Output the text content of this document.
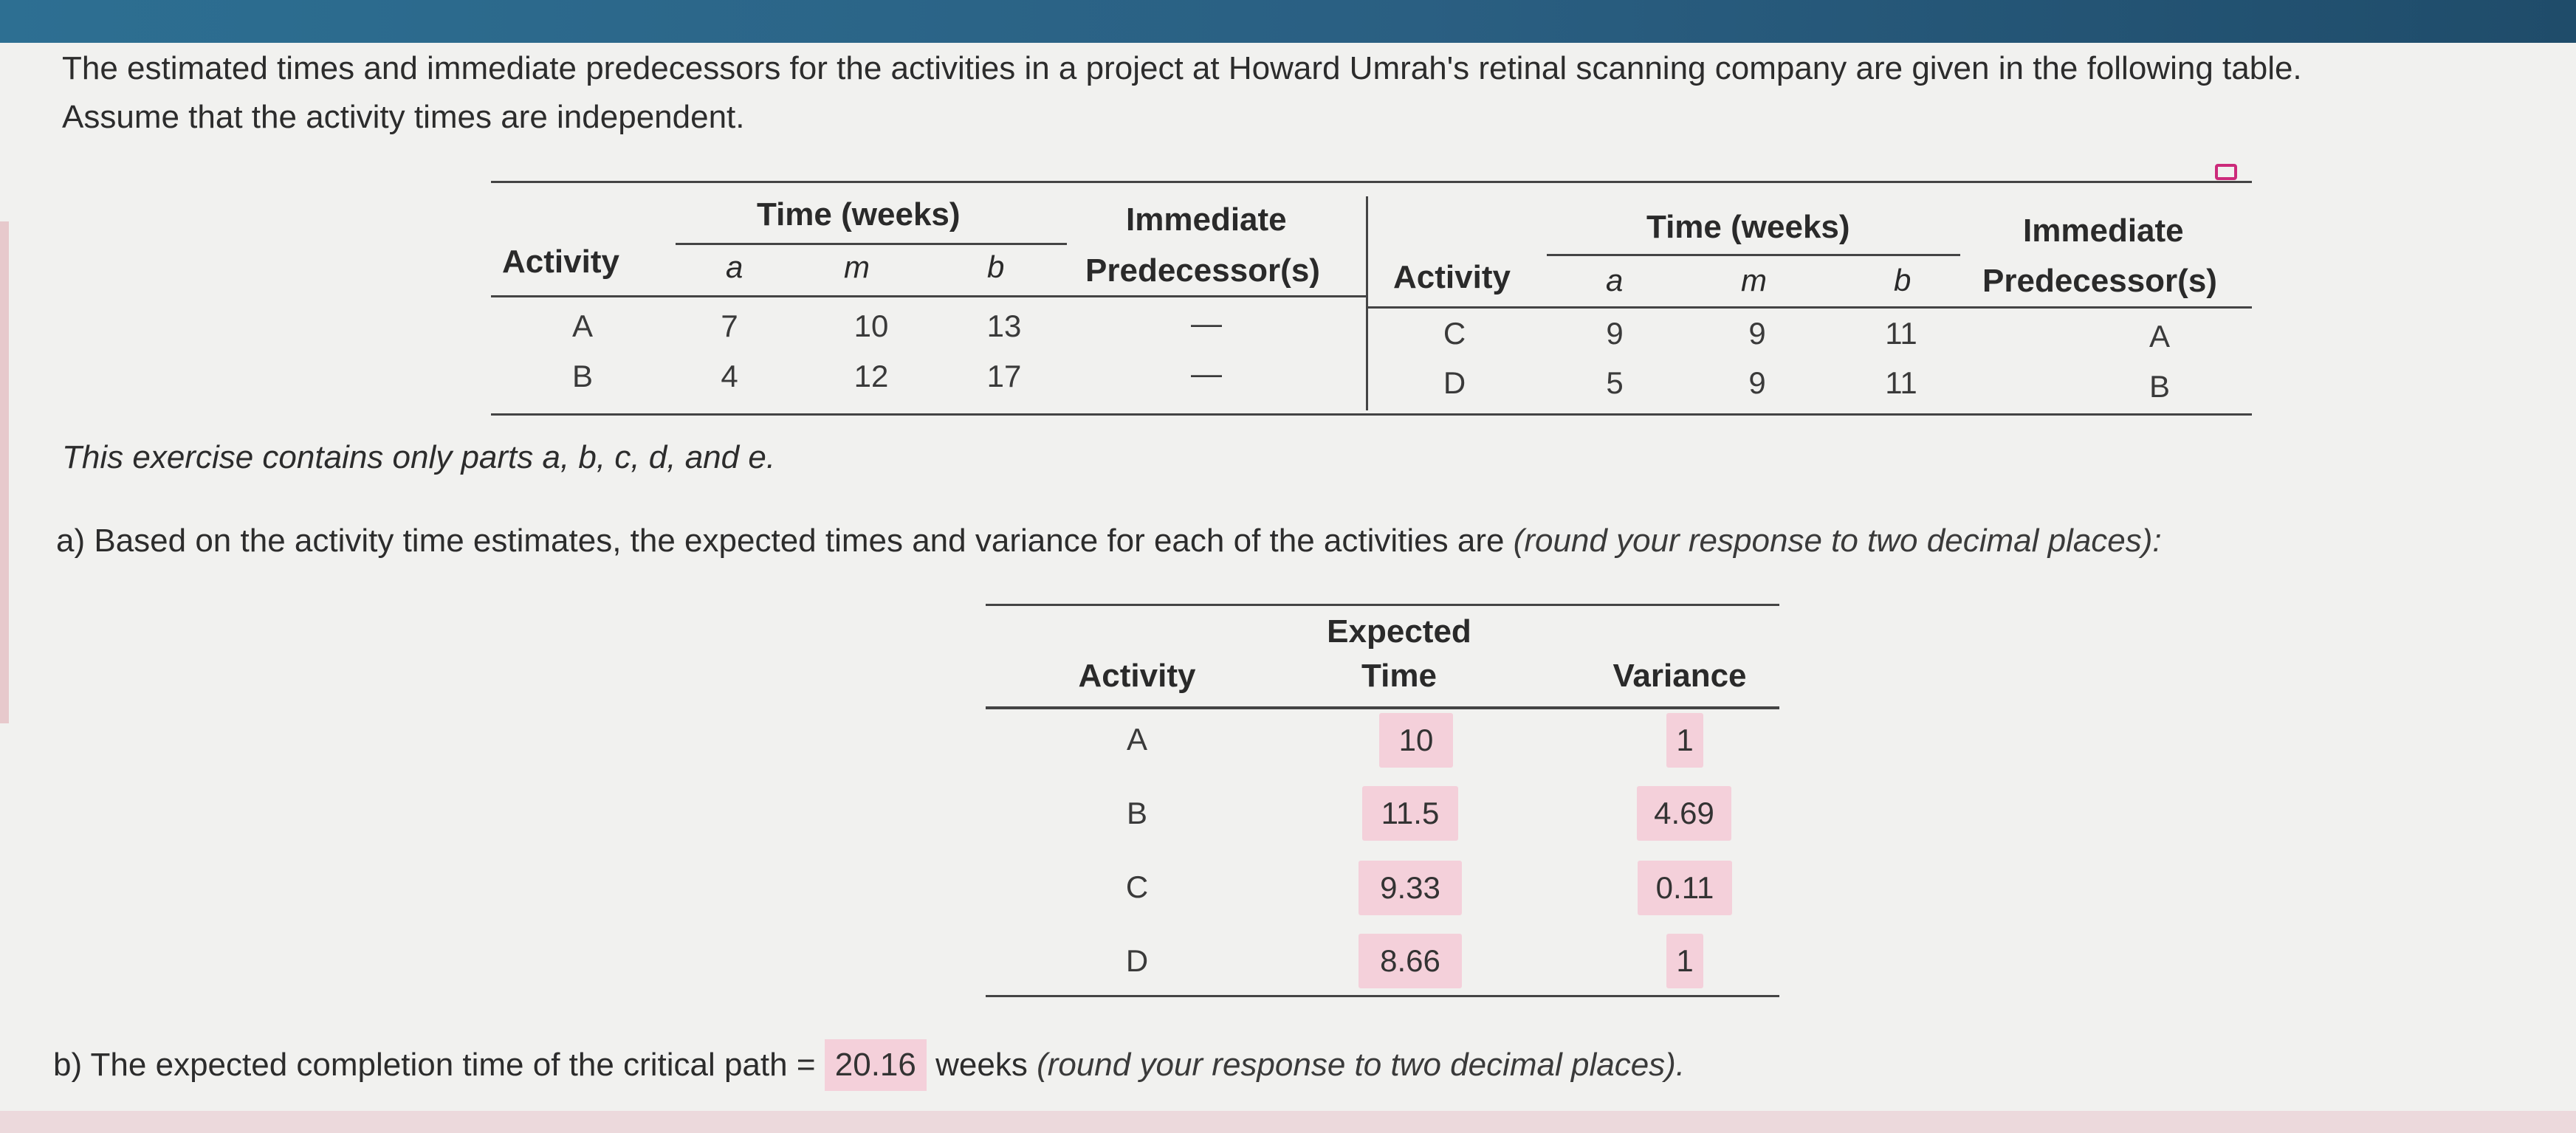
The estimated times and immediate predecessors for the activities in a project at Howard Umrah's retinal scanning company are given in the following table.
Assume that the activity times are independent.
Time (weeks)	Immediate
Activity	a	m	b Predecessor(s)
Time (weeks)	Immediate
Activity	a	m	b Predecessor(s)
A	7	10	13	—
B	4	12	17	—
C	9	9	11	A
D	5	9	11	B
This exercise contains only parts a, b, c, d, and e.
a) Based on the activity time estimates, the expected times and variance for each of the activities are (round your response to two decimal places):
Expected
Time
Activity	Variance
A	10	1
B	11.5	4.69
C	9.33	0.11
D	8.66	1
b) The expected completion time of the critical path = 20.16 weeks (round your response to two decimal places).
